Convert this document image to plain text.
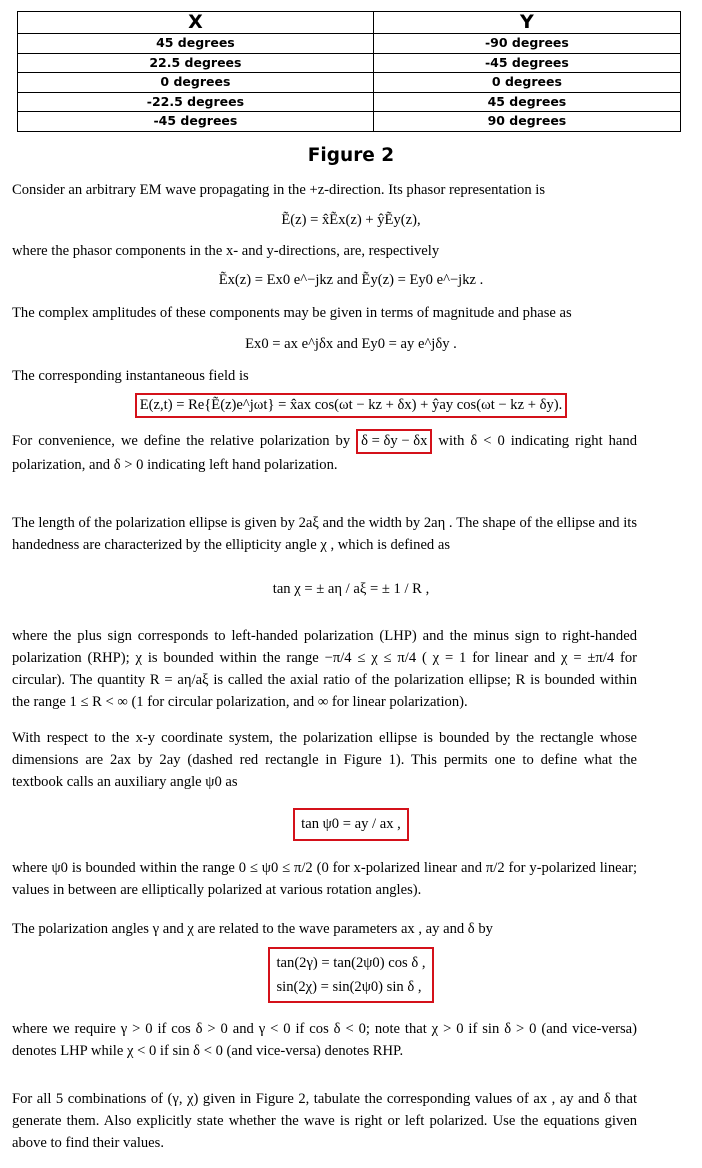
X	Y
45 degrees	-90 degrees
22.5 degrees	-45 degrees
0 degrees	0 degrees
-22.5 degrees	45 degrees
-45 degrees	90 degrees
Figure 2
Consider an arbitrary EM wave propagating in the +z-direction. Its phasor representation is
Ẽ(z) = x̂Ẽx(z) + ŷẼy(z),
where the phasor components in the x- and y-directions, are, respectively
Ẽx(z) = Ex0 e^−jkz and Ẽy(z) = Ey0 e^−jkz .
The complex amplitudes of these components may be given in terms of magnitude and phase as
Ex0 = ax e^jδx and Ey0 = ay e^jδy .
The corresponding instantaneous field is
E(z,t) = Re{Ẽ(z)e^jωt} = x̂ax cos(ωt − kz + δx) + ŷay cos(ωt − kz + δy).
For convenience, we define the relative polarization by δ = δy − δx with δ < 0 indicating right hand polarization, and δ > 0 indicating left hand polarization.
The length of the polarization ellipse is given by 2aξ and the width by 2aη . The shape of the ellipse and its handedness are characterized by the ellipticity angle χ , which is defined as
tan χ = ± aη / aξ = ± 1 / R ,
where the plus sign corresponds to left-handed polarization (LHP) and the minus sign to right-handed polarization (RHP); χ is bounded within the range −π/4 ≤ χ ≤ π/4 ( χ = 1 for linear and χ = ±π/4 for circular). The quantity R = aη/aξ is called the axial ratio of the polarization ellipse; R is bounded within the range 1 ≤ R < ∞ (1 for circular polarization, and ∞ for linear polarization).
With respect to the x-y coordinate system, the polarization ellipse is bounded by the rectangle whose dimensions are 2ax by 2ay (dashed red rectangle in Figure 1). This permits one to define what the textbook calls an auxiliary angle ψ0 as
tan ψ0 = ay / ax ,
where ψ0 is bounded within the range 0 ≤ ψ0 ≤ π/2 (0 for x-polarized linear and π/2 for y-polarized linear; values in between are elliptically polarized at various rotation angles).
The polarization angles γ and χ are related to the wave parameters ax , ay and δ by
tan(2γ) = tan(2ψ0) cos δ ,
sin(2χ) = sin(2ψ0) sin δ ,
where we require γ > 0 if cos δ > 0 and γ < 0 if cos δ < 0; note that χ > 0 if sin δ > 0 (and vice-versa) denotes LHP while χ < 0 if sin δ < 0 (and vice-versa) denotes RHP.
For all 5 combinations of (γ, χ) given in Figure 2, tabulate the corresponding values of ax , ay and δ that generate them. Also explicitly state whether the wave is right or left polarized. Use the equations given above to find their values.
